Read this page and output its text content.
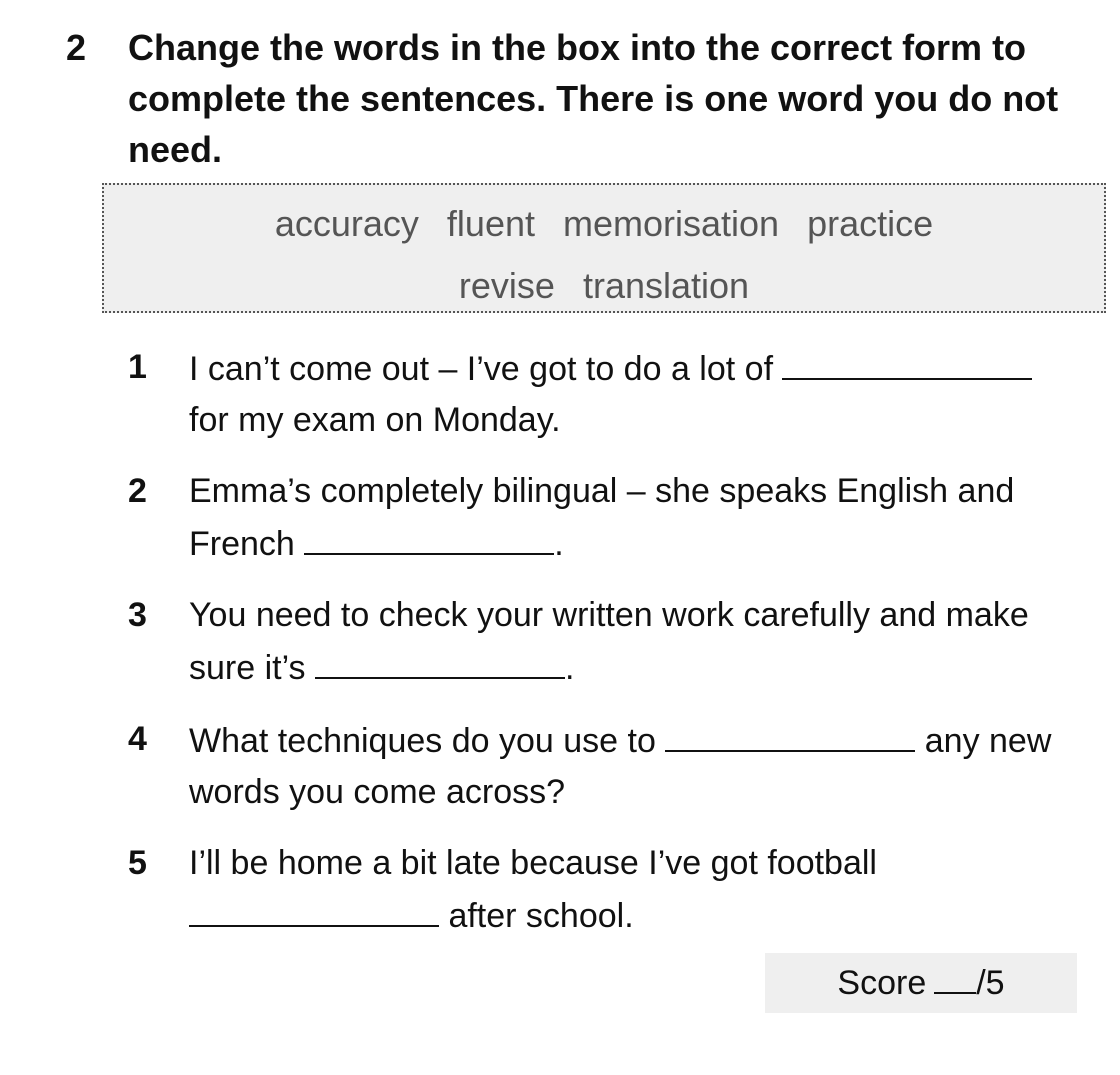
2 Change the words in the box into the correct form to complete the sentences. There is one word you do not need.
accuracy fluent memorisation practice
revise translation
1 I can’t come out – I’ve got to do a lot of  for my exam on Monday.
2 Emma’s completely bilingual – she speaks English and French	.
3 You need to check your written work carefully and make sure it’s	.
4 What techniques do you use to	any new words you come across?
5 I’ll be home a bit late because I’ve got football  after school.
Score /5
